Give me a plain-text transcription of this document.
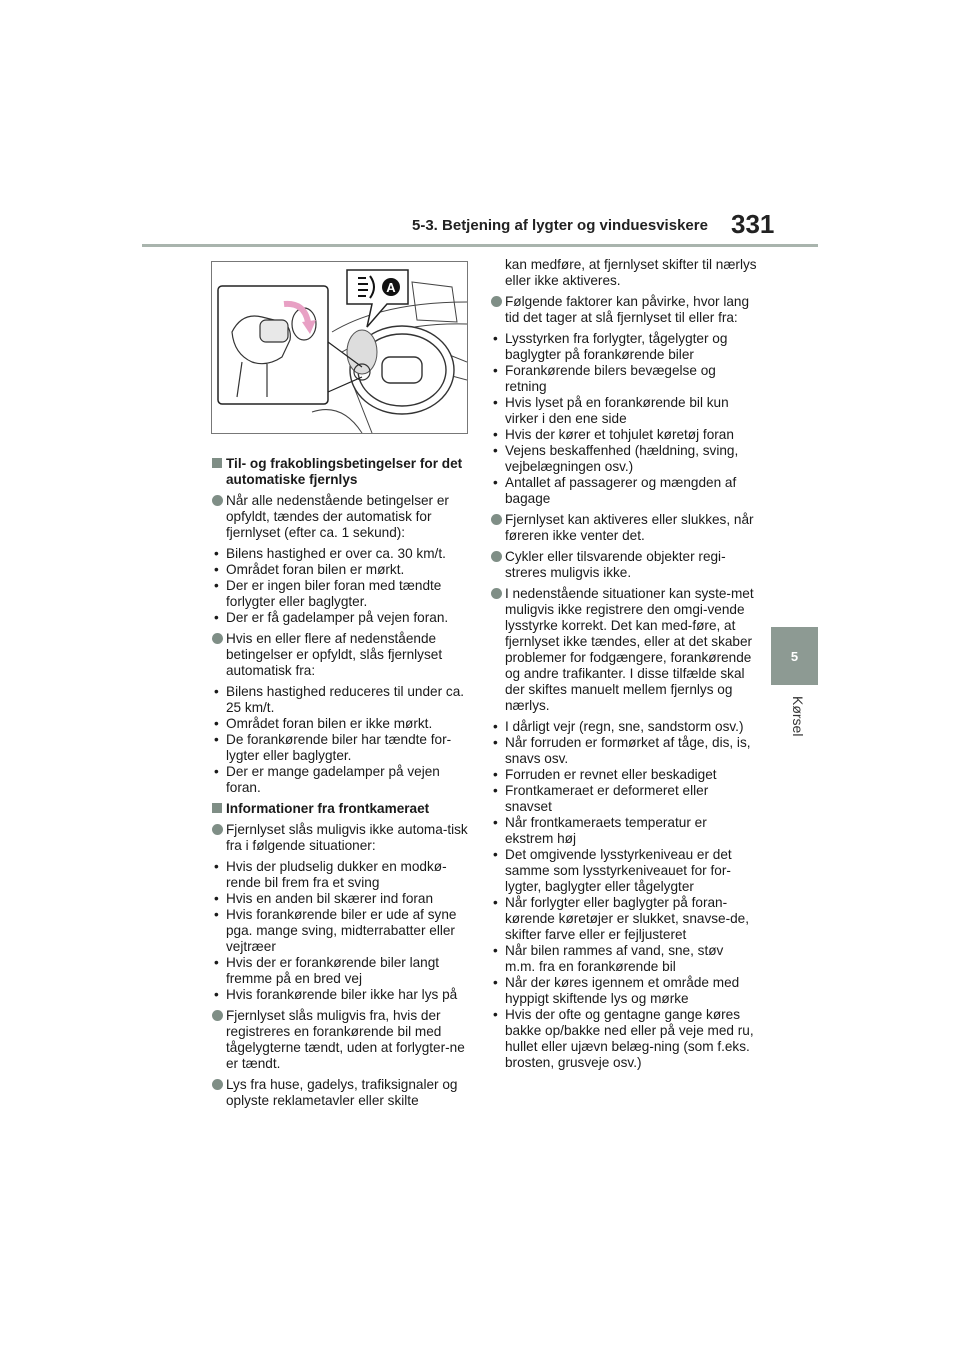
5-3. Betjening af lygter og vinduesviskere 331
5
Kørsel
A
Til- og frakoblingsbetingelser for det automatiske fjernlys
Når alle nedenstående betingelser er opfyldt, tændes der automatisk for fjernlyset (efter ca. 1 sekund):
• Bilens hastighed er over ca. 30 km/t.
• Området foran bilen er mørkt.
• Der er ingen biler foran med tændte forlygter eller baglygter.
• Der er få gadelamper på vejen foran.
Hvis en eller flere af nedenstående betingelser er opfyldt, slås fjernlyset automatisk fra:
• Bilens hastighed reduceres til under ca. 25 km/t.
• Området foran bilen er ikke mørkt.
• De forankørende biler har tændte for-lygter eller baglygter.
• Der er mange gadelamper på vejen foran.
Informationer fra frontkameraet
Fjernlyset slås muligvis ikke automa-tisk fra i følgende situationer:
• Hvis der pludselig dukker en modkø-rende bil frem fra et sving
• Hvis en anden bil skærer ind foran
• Hvis forankørende biler er ude af syne pga. mange sving, midterrabatter eller vejtræer
• Hvis der er forankørende biler langt fremme på en bred vej
• Hvis forankørende biler ikke har lys på
Fjernlyset slås muligvis fra, hvis der registreres en forankørende bil med tågelygterne tændt, uden at forlygter-ne er tændt.
Lys fra huse, gadelys, trafiksignaler og oplyste reklametavler eller skilte
kan medføre, at fjernlyset skifter til nærlys eller ikke aktiveres.
Følgende faktorer kan påvirke, hvor lang tid det tager at slå fjernlyset til eller fra:
• Lysstyrken fra forlygter, tågelygter og baglygter på forankørende biler
• Forankørende bilers bevægelse og retning
• Hvis lyset på en forankørende bil kun virker i den ene side
• Hvis der kører et tohjulet køretøj foran
• Vejens beskaffenhed (hældning, sving, vejbelægningen osv.)
• Antallet af passagerer og mængden af bagage
Fjernlyset kan aktiveres eller slukkes, når føreren ikke venter det.
Cykler eller tilsvarende objekter regi-streres muligvis ikke.
I nedenstående situationer kan syste-met muligvis ikke registrere den omgi-vende lysstyrke korrekt. Det kan med-føre, at fjernlyset ikke tændes, eller at det skaber problemer for fodgængere, forankørende og andre trafikanter. I disse tilfælde skal der skiftes manuelt mellem fjernlys og nærlys.
• I dårligt vejr (regn, sne, sandstorm osv.)
• Når forruden er formørket af tåge, dis, is, snavs osv.
• Forruden er revnet eller beskadiget
• Frontkameraet er deformeret eller snavset
• Når frontkameraets temperatur er ekstrem høj
• Det omgivende lysstyrkeniveau er det samme som lysstyrkeniveauet for for-lygter, baglygter eller tågelygter
• Når forlygter eller baglygter på foran-kørende køretøjer er slukket, snavse-de, skifter farve eller er fejljusteret
• Når bilen rammes af vand, sne, støv m.m. fra en forankørende bil
• Når der køres igennem et område med hyppigt skiftende lys og mørke
• Hvis der ofte og gentagne gange køres bakke op/bakke ned eller på veje med ru, hullet eller ujævn belæg-ning (som f.eks. brosten, grusveje osv.)
